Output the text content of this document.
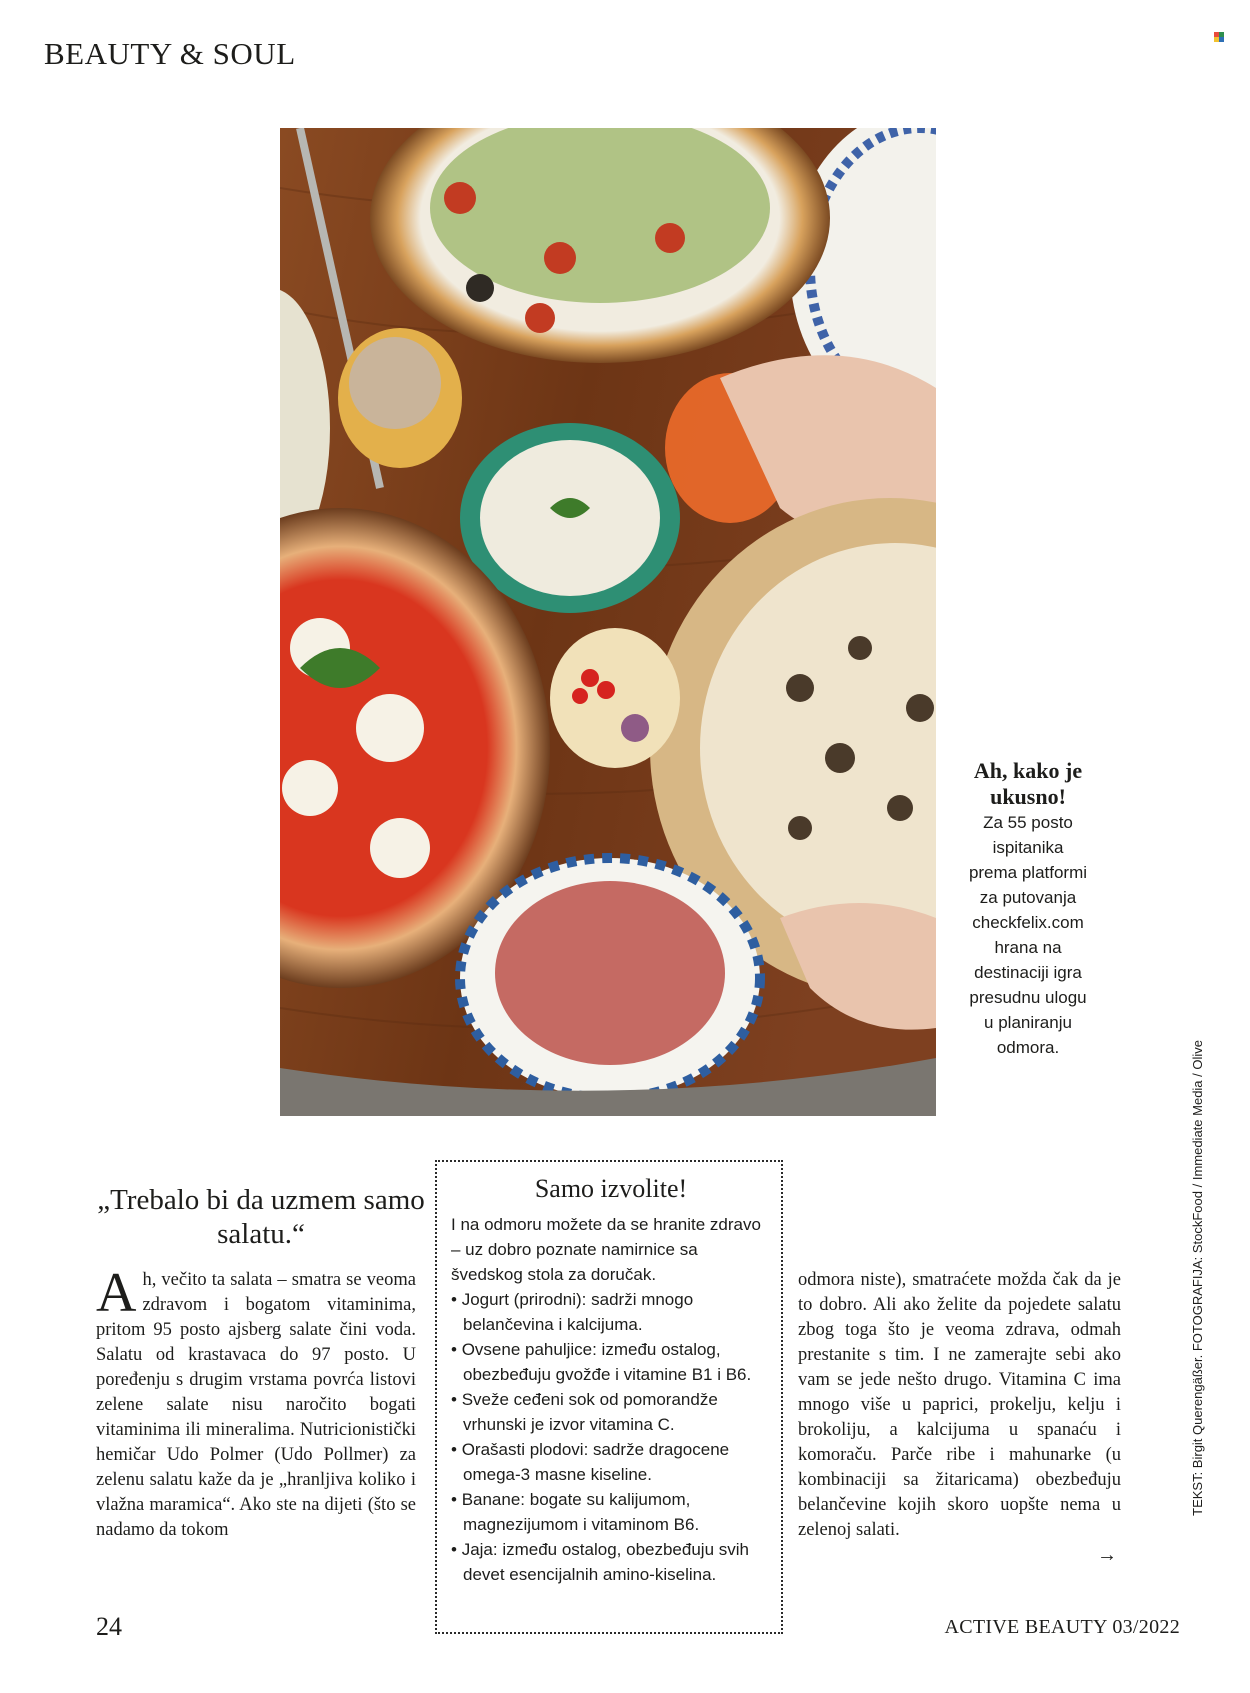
BEAUTY & SOUL
Ah, kako je ukusno!
Za 55 posto
ispitanika
prema platformi
za putovanja
checkfelix.com
hrana na
destinaciji igra
presudnu ulogu
u planiranju
odmora.	TEKST: Birgit Querengäßer. FOTOGRAFIJA: StockFood / Immediate Media / Olive
„Trebalo bi da uzmem samo salatu.“

Ah, večito ta salata – smatra se veoma zdravom i bogatom vitaminima, pritom 95 posto ajsberg salate čini voda. Salatu od krastavaca do 97 posto. U poređenju s drugim vrstama povrća listovi zelene salate nisu naročito bogati vitaminima ili mineralima. Nutricionistički hemičar Udo Polmer (Udo Pollmer) za zelenu salatu kaže da je „hranljiva koliko i vlažna maramica“. Ako ste na dijeti (što se nadamo da tokom

Samo izvolite!
I na odmoru možete da se hranite zdravo – uz dobro poznate namirnice sa švedskog stola za doručak.
• Jogurt (prirodni): sadrži mnogo belančevina i kalcijuma.
• Ovsene pahuljice: između ostalog, obezbeđuju gvožđe i vitamine B1 i B6.
• Sveže ceđeni sok od pomorandže vrhunski je izvor vitamina C.
• Orašasti plodovi: sadrže dragocene omega-3 masne kiseline.
• Banane: bogate su kalijumom, magnezijumom i vitaminom B6.
• Jaja: između ostalog, obezbeđuju svih devet esencijalnih amino-kiselina.

odmora niste), smatraćete možda čak da je to dobro. Ali ako želite da pojedete salatu zbog toga što je veoma zdrava, odmah prestanite s tim. I ne zamerajte sebi ako vam se jede nešto drugo. Vitamina C ima mnogo više u paprici, prokelju, kelju i brokoliju, a kalcijuma u spanaću i komoraču. Parče ribe i mahunarke (u kombinaciji sa žitaricama) obezbeđuju belančevine kojih skoro uopšte nema u zelenoj salati.

→
24	ACTIVE BEAUTY 03/2022
